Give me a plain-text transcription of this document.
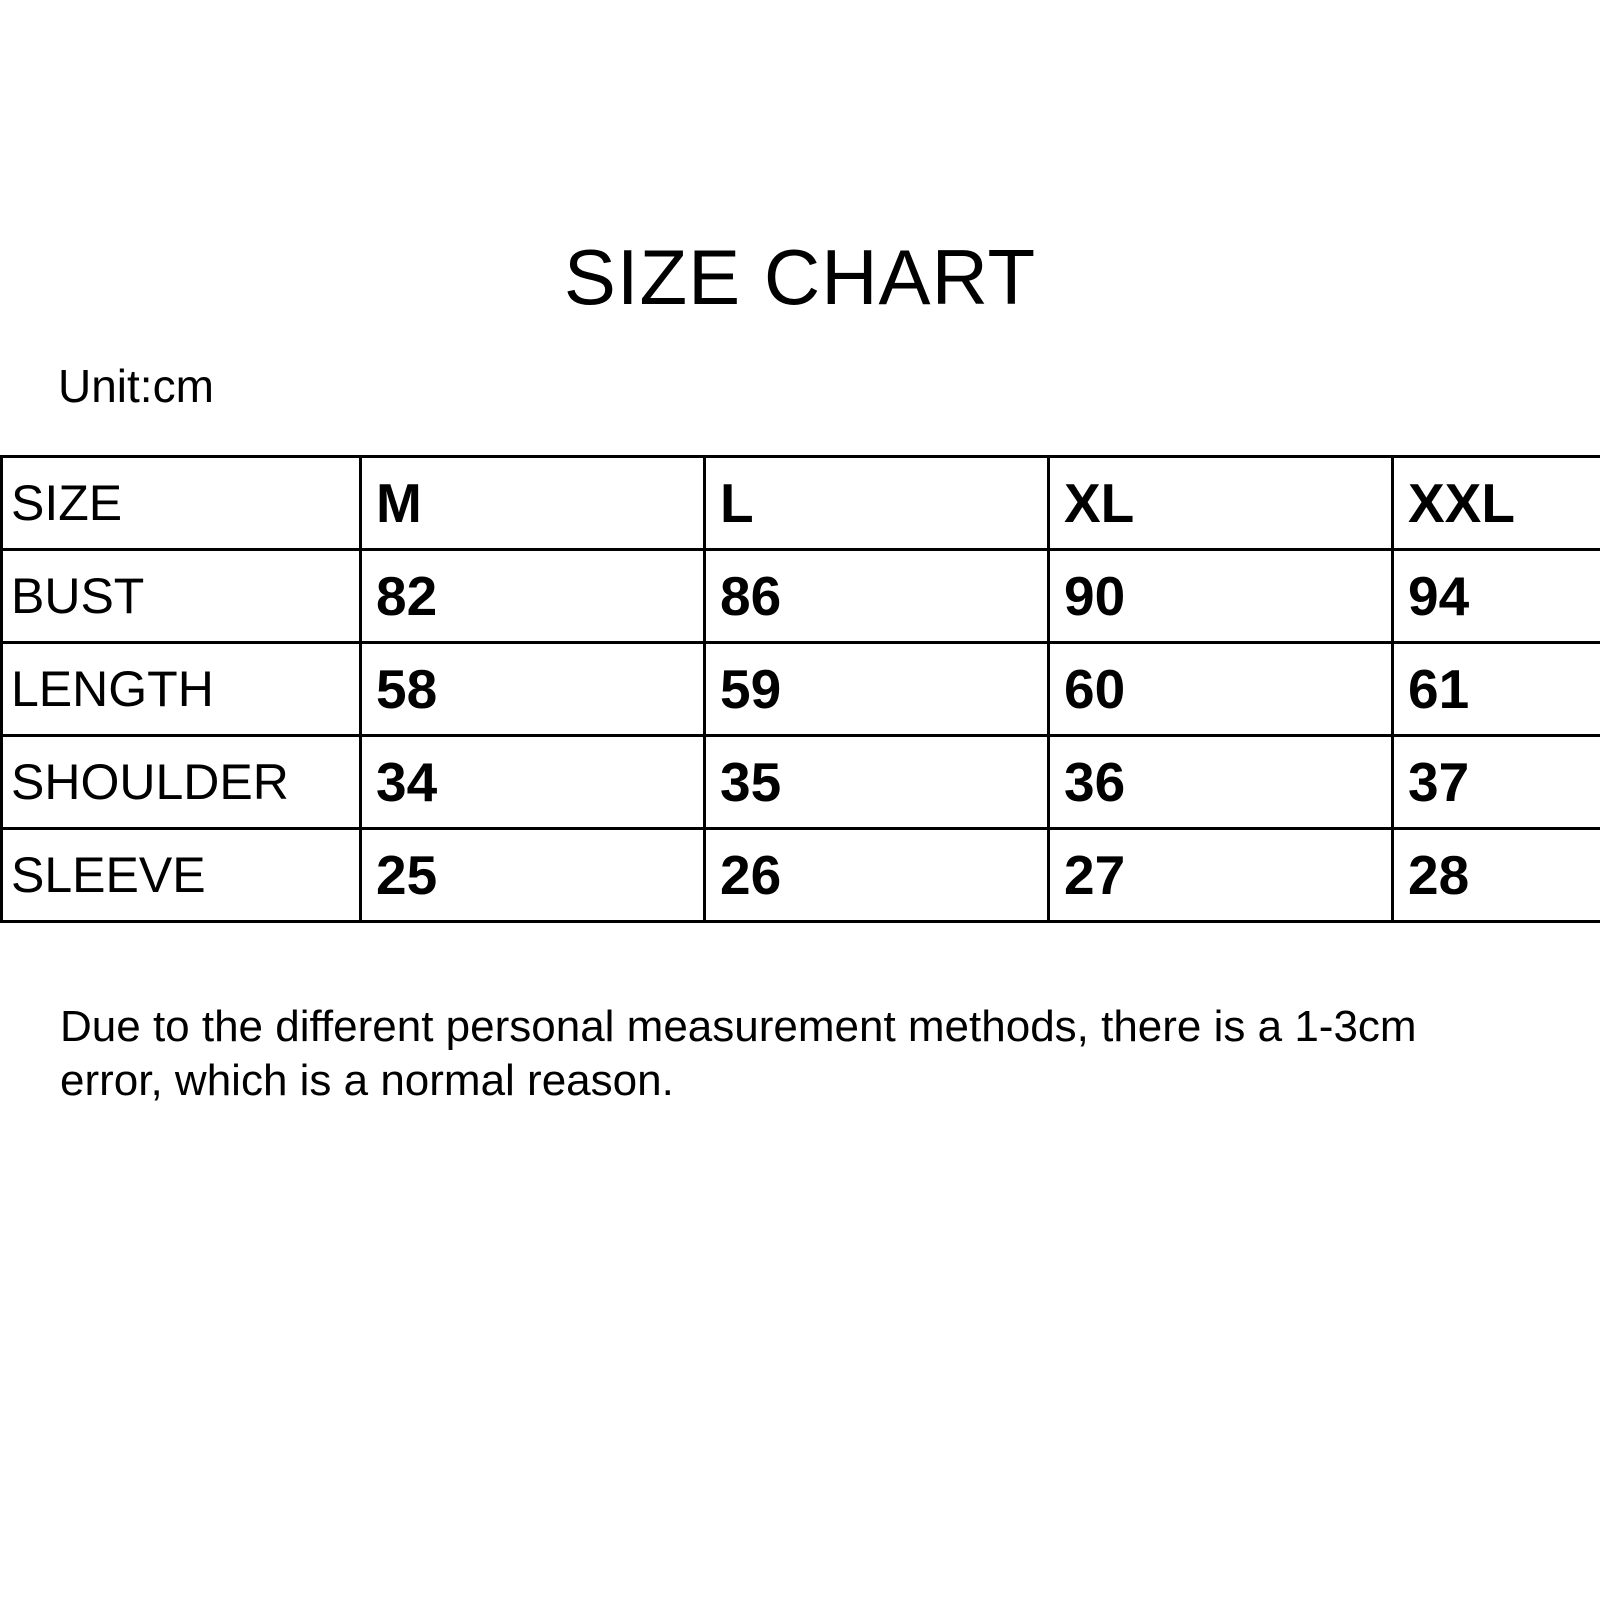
SIZE CHART
Unit:cm
SIZE	M	L	XL	XXL
BUST	82	86	90	94
LENGTH	58	59	60	61
SHOULDER	34	35	36	37
SLEEVE	25	26	27	28
Due to the different personal measurement methods, there is a 1-3cm error, which is a normal reason.
